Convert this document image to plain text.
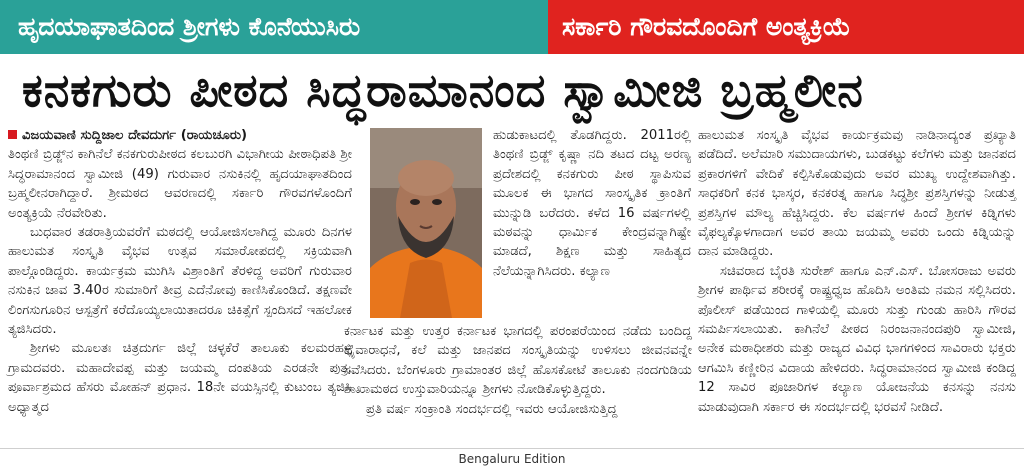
ಹೃದಯಾಘಾತದಿಂದ ಶ್ರೀಗಳು ಕೊನೆಯುಸಿರು	ಸರ್ಕಾರಿ ಗೌರವದೊಂದಿಗೆ ಅಂತ್ಯಕ್ರಿಯೆ
ಕನಕಗುರು ಪೀಠದ ಸಿದ್ಧರಾಮಾನಂದ ಸ್ವಾಮೀಜಿ ಬ್ರಹ್ಮಲೀನ

ವಿಜಯವಾಣಿ ಸುದ್ದಿಜಾಲ ದೇವದುರ್ಗ (ರಾಯಚೂರು)

ತಿಂಥಣಿ ಬ್ರಿಡ್ಜ್‌ನ ಕಾಗಿನೆಲೆ ಕನಕಗುರುಪೀಠದ ಕಲಬುರಗಿ ವಿಭಾಗೀಯ ಪೀಠಾಧಿಪತಿ ಶ್ರೀ ಸಿದ್ಧರಾಮಾನಂದ ಸ್ವಾಮೀಜಿ (49) ಗುರುವಾರ ನಸುಕಿನಲ್ಲಿ ಹೃದಯಾಘಾತದಿಂದ ಬ್ರಹ್ಮಲೀನರಾಗಿದ್ದಾರೆ. ಶ್ರೀಮಠದ ಆವರಣದಲ್ಲಿ ಸರ್ಕಾರಿ ಗೌರವಗಳೊಂದಿಗೆ ಅಂತ್ಯಕ್ರಿಯೆ ನೆರವೇರಿತು.

ಬುಧವಾರ ತಡರಾತ್ರಿಯವರೆಗೆ ಮಠದಲ್ಲಿ ಆಯೋಜಿಸಲಾಗಿದ್ದ ಮೂರು ದಿನಗಳ ಹಾಲುಮತ ಸಂಸ್ಕೃತಿ ವೈಭವ ಉತ್ಸವ ಸಮಾರೋಪದಲ್ಲಿ ಸಕ್ರಿಯವಾಗಿ ಪಾಲ್ಗೊಂಡಿದ್ದರು. ಕಾರ್ಯಕ್ರಮ ಮುಗಿಸಿ ವಿಶ್ರಾಂತಿಗೆ ತೆರಳಿದ್ದ ಅವರಿಗೆ ಗುರುವಾರ ನಸುಕಿನ ಜಾವ 3.40ರ ಸುಮಾರಿಗೆ ತೀವ್ರ ಎದೆನೋವು ಕಾಣಿಸಿಕೊಂಡಿದೆ. ತಕ್ಷಣವೇ ಲಿಂಗಸುಗೂರಿನ ಆಸ್ಪತ್ರೆಗೆ ಕರೆದೊಯ್ಯಲಾಯಿತಾದರೂ ಚಿಕಿತ್ಸೆಗೆ ಸ್ಪಂದಿಸದೆ ಇಹಲೋಕ ತ್ಯಜಿಸಿದರು.

ಶ್ರೀಗಳು ಮೂಲತಃ ಚಿತ್ರದುರ್ಗ ಜಿಲ್ಲೆ ಚಳ್ಳಕೆರೆ ತಾಲೂಕು ಕಲಮರಹಳ್ಳಿ ಗ್ರಾಮದವರು. ಮಹಾದೇವಪ್ಪ ಮತ್ತು ಜಯಮ್ಮ ದಂಪತಿಯ ಎರಡನೇ ಪುತ್ರ. ಪೂರ್ವಾಶ್ರಮದ ಹೆಸರು ಮೋಹನ್ ಪ್ರಧಾನ. 18ನೇ ವಯಸ್ಸಿನಲ್ಲಿ ಕುಟುಂಬ ತ್ಯಜಿಸಿ ಅಧ್ಯಾತ್ಮದ

ಹುಡುಕಾಟದಲ್ಲಿ ತೊಡಗಿದ್ದರು. 2011ರಲ್ಲಿ ತಿಂಥಣಿ ಬ್ರಿಡ್ಜ್ ಕೃಷ್ಣಾ ನದಿ ತಟದ ದಟ್ಟ ಅರಣ್ಯ ಪ್ರದೇಶದಲ್ಲಿ ಕನಕಗುರು ಪೀಠ ಸ್ಥಾಪಿಸುವ ಮೂಲಕ ಈ ಭಾಗದ ಸಾಂಸ್ಕೃತಿಕ ಕ್ರಾಂತಿಗೆ ಮುನ್ನುಡಿ ಬರೆದರು. ಕಳೆದ 16 ವರ್ಷಗಳಲ್ಲಿ ಮಠವನ್ನು ಧಾರ್ಮಿಕ ಕೇಂದ್ರವನ್ನಾಗಿಷ್ಟೇ ಮಾಡದೆ, ಶಿಕ್ಷಣ ಮತ್ತು ಸಾಹಿತ್ಯದ ನೆಲೆಯನ್ನಾಗಿಸಿದರು. ಕಲ್ಯಾಣ

ಕರ್ನಾಟಕ ಮತ್ತು ಉತ್ತರ ಕರ್ನಾಟಕ ಭಾಗದಲ್ಲಿ ಪರಂಪರೆಯಿಂದ ನಡೆದು ಬಂದಿದ್ದ ದೈವಾರಾಧನೆ, ಕಲೆ ಮತ್ತು ಜಾನಪದ ಸಂಸ್ಕೃತಿಯನ್ನು ಉಳಿಸಲು ಜೀವನವನ್ನೇ ಸವೆಸಿದರು. ಬೆಂಗಳೂರು ಗ್ರಾಮಾಂತರ ಜಿಲ್ಲೆ ಹೊಸಕೋಟೆ ತಾಲೂಕು ನಂದಗುಡಿಯ ಶಾಖಾಮಠದ ಉಸ್ತುವಾರಿಯನ್ನೂ ಶ್ರೀಗಳು ನೋಡಿಕೊಳ್ಳುತ್ತಿದ್ದರು.

ಪ್ರತಿ ವರ್ಷ ಸಂಕ್ರಾಂತಿ ಸಂದರ್ಭದಲ್ಲಿ ಇವರು ಆಯೋಜಿಸುತ್ತಿದ್ದ

ಹಾಲುಮತ ಸಂಸ್ಕೃತಿ ವೈಭವ ಕಾರ್ಯಕ್ರಮವು ನಾಡಿನಾದ್ಯಂತ ಪ್ರಖ್ಯಾತಿ ಪಡೆದಿದೆ. ಅಲೆಮಾರಿ ಸಮುದಾಯಗಳು, ಬುಡಕಟ್ಟು ಕಲೆಗಳು ಮತ್ತು ಜಾನಪದ ಪ್ರಕಾರಗಳಿಗೆ ವೇದಿಕೆ ಕಲ್ಪಿಸಿಕೊಡುವುದು ಅವರ ಮುಖ್ಯ ಉದ್ದೇಶವಾಗಿತ್ತು. ಸಾಧಕರಿಗೆ ಕನಕ ಭಾಸ್ಕರ, ಕನಕರತ್ನ ಹಾಗೂ ಸಿದ್ಧಶ್ರೀ ಪ್ರಶಸ್ತಿಗಳನ್ನು ನೀಡುತ್ತ ಪ್ರಶಸ್ತಿಗಳ ಮೌಲ್ಯ ಹೆಚ್ಚಿಸಿದ್ದರು. ಕೆಲ ವರ್ಷಗಳ ಹಿಂದೆ ಶ್ರೀಗಳ ಕಿಡ್ನಿಗಳು ವೈಫಲ್ಯಕ್ಕೊಳಗಾದಾಗ ಅವರ ತಾಯಿ ಜಯಮ್ಮ ಅವರು ಒಂದು ಕಿಡ್ನಿಯನ್ನು ದಾನ ಮಾಡಿದ್ದರು.

ಸಚಿವರಾದ ಬೈರತಿ ಸುರೇಶ್ ಹಾಗೂ ಎನ್.ಎಸ್. ಬೋಸರಾಜು ಅವರು ಶ್ರೀಗಳ ಪಾರ್ಥಿವ ಶರೀರಕ್ಕೆ ರಾಷ್ಟ್ರಧ್ವಜ ಹೊದಿಸಿ ಅಂತಿಮ ನಮನ ಸಲ್ಲಿಸಿದರು. ಪೊಲೀಸ್ ಪಡೆಯಿಂದ ಗಾಳಿಯಲ್ಲಿ ಮೂರು ಸುತ್ತು ಗುಂಡು ಹಾರಿಸಿ ಗೌರವ ಸಮರ್ಪಿಸಲಾಯಿತು. ಕಾಗಿನೆಲೆ ಪೀಠದ ನಿರಂಜನಾನಂದಪುರಿ ಸ್ವಾಮೀಜಿ, ಅನೇಕ ಮಠಾಧೀಶರು ಮತ್ತು ರಾಜ್ಯದ ವಿವಿಧ ಭಾಗಗಳಿಂದ ಸಾವಿರಾರು ಭಕ್ತರು ಆಗಮಿಸಿ ಕಣ್ಣೀರಿನ ವಿದಾಯ ಹೇಳಿದರು. ಸಿದ್ಧರಾಮಾನಂದ ಸ್ವಾಮೀಜಿ ಕಂಡಿದ್ದ 12 ಸಾವಿರ ಪೂಜಾರಿಗಳ ಕಲ್ಯಾಣ ಯೋಜನೆಯ ಕನಸನ್ನು ನನಸು ಮಾಡುವುದಾಗಿ ಸರ್ಕಾರ ಈ ಸಂದರ್ಭದಲ್ಲಿ ಭರವಸೆ ನೀಡಿದೆ.

Bengaluru Edition
